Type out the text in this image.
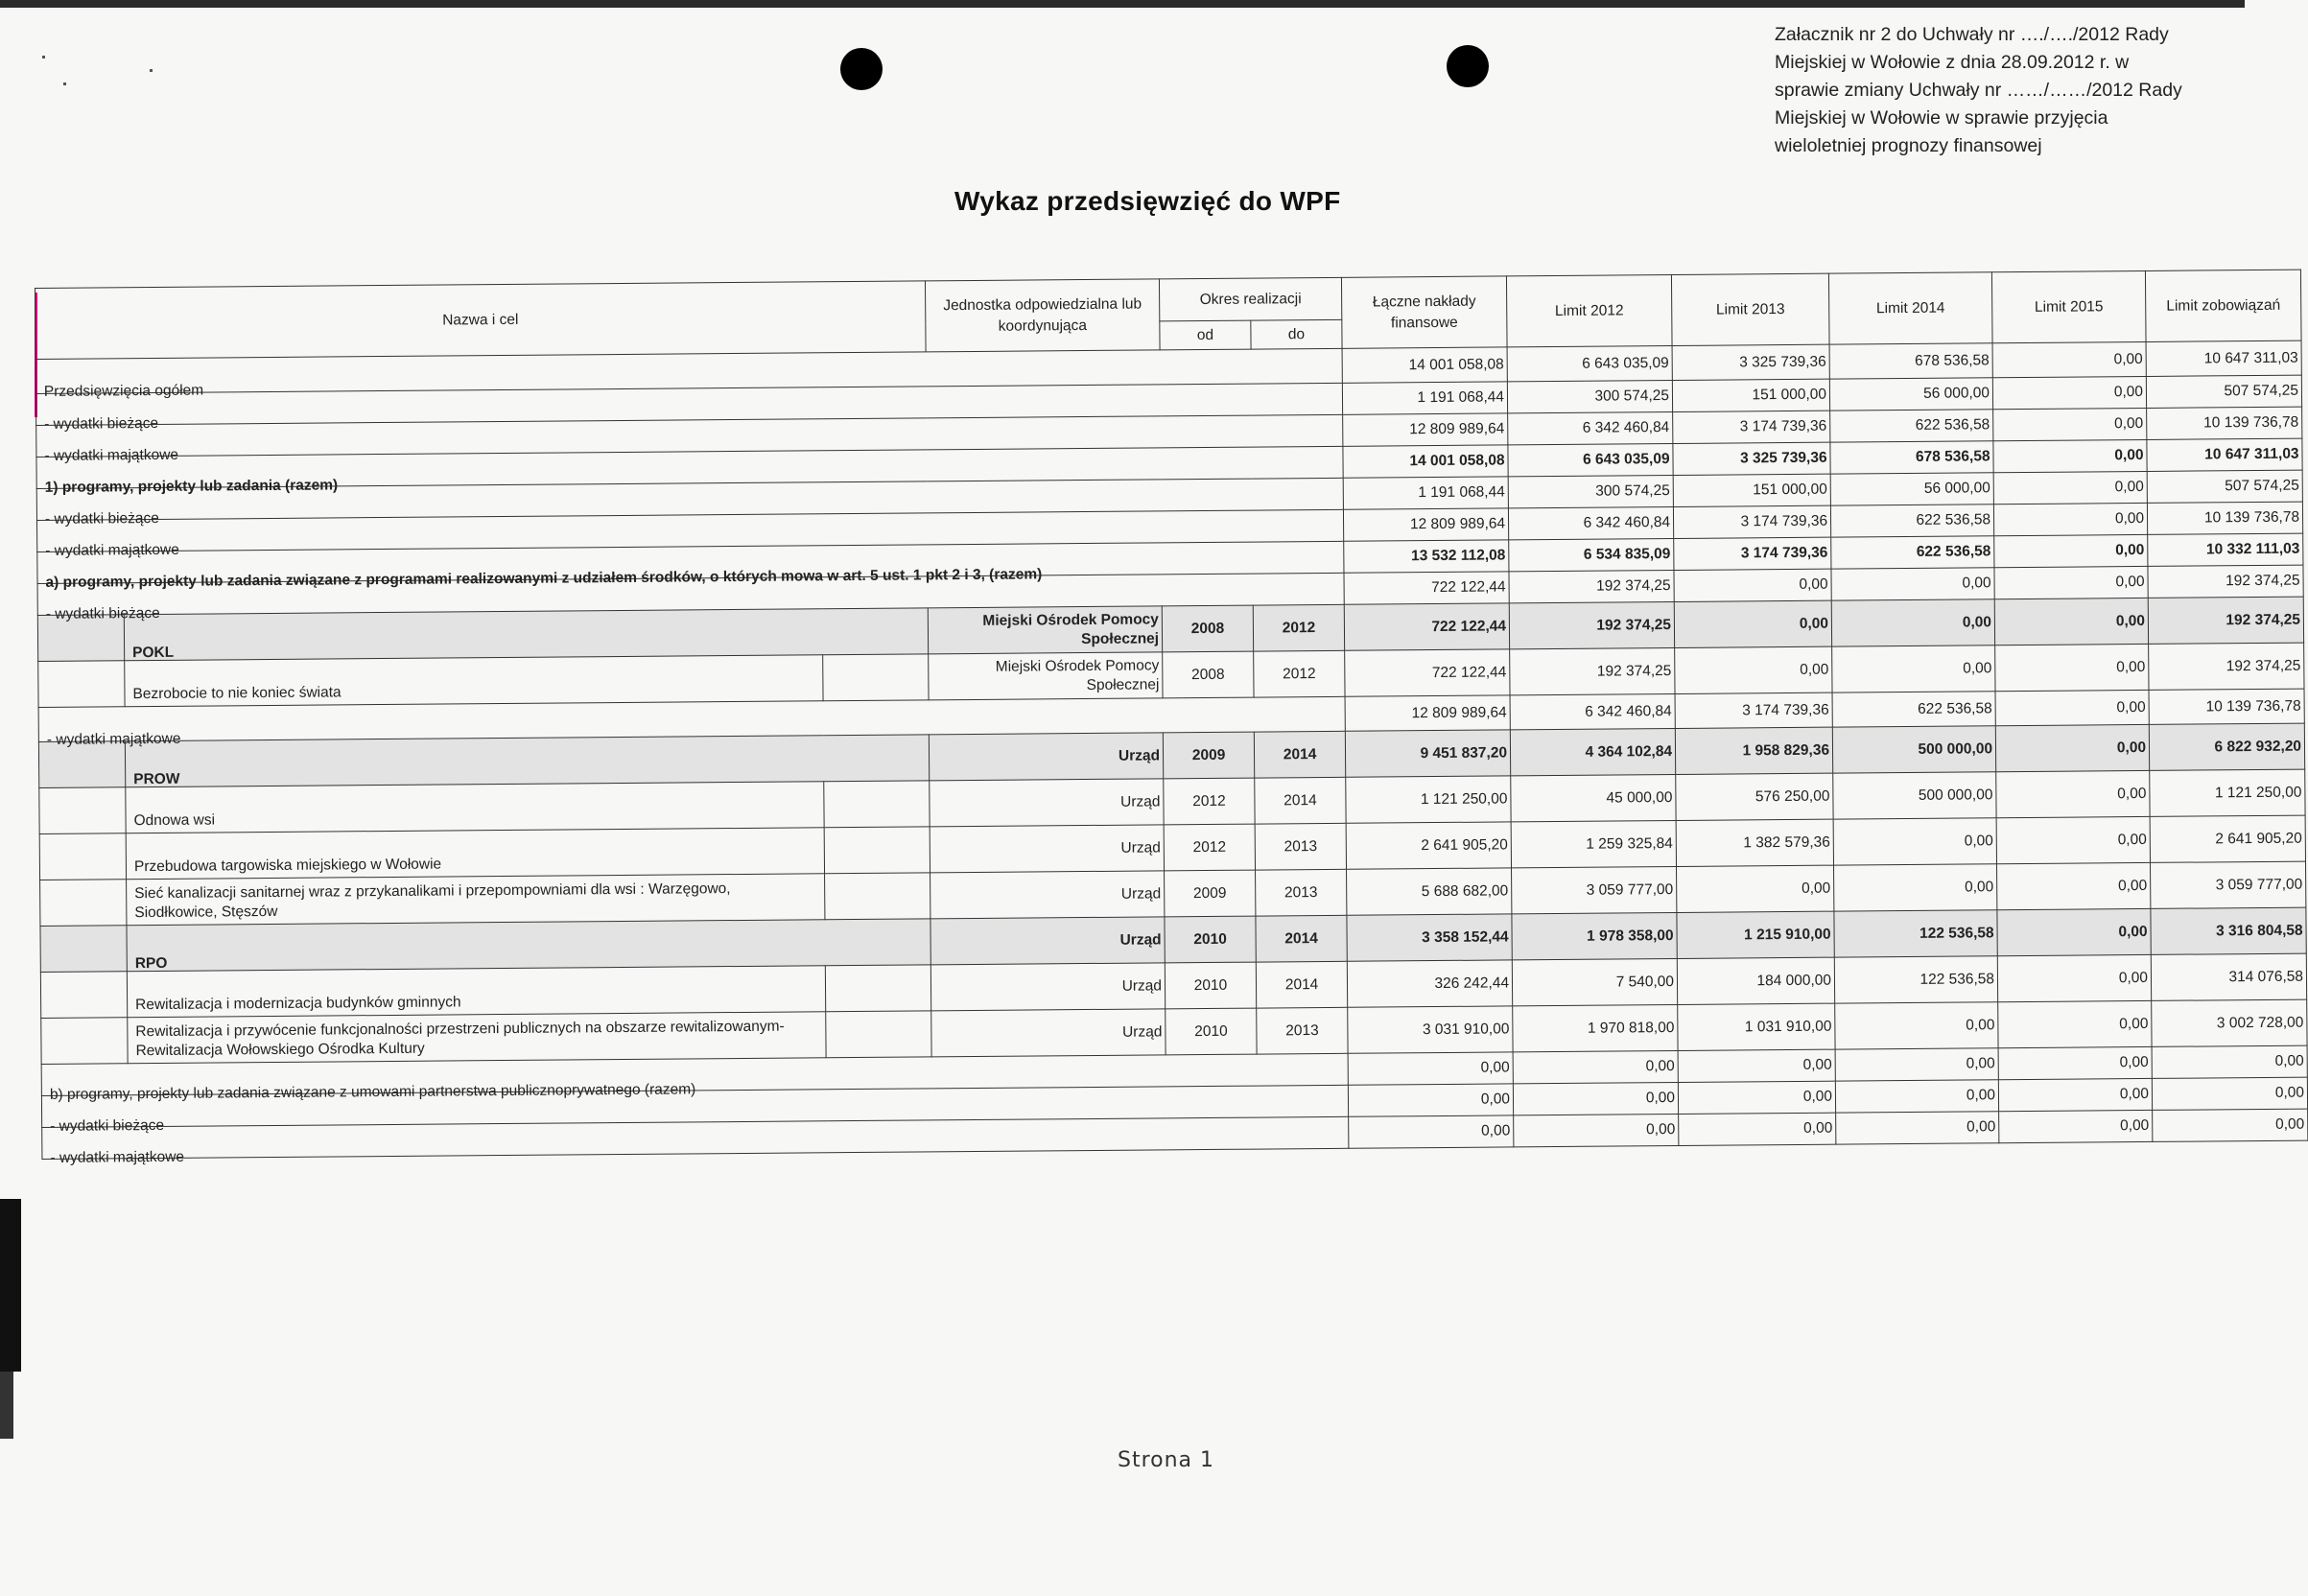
Załacznik nr 2 do Uchwały nr …./…./2012 Rady Miejskiej w Wołowie z dnia 28.09.2012 r. w sprawie zmiany Uchwały nr ……/……/2012 Rady Miejskiej w Wołowie w sprawie przyjęcia wieloletniej prognozy finansowej
Wykaz przedsięwzięć do WPF
Nazwa i cel			Jednostka odpowiedzialna lub koordynująca	Okres realizacji		Łączne nakłady finansowe	Limit 2012	Limit 2013	Limit 2014	Limit 2015	Limit zobowiązań
				od	do						
Przedsięwzięcia ogółem						14 001 058,08	6 643 035,09	3 325 739,36	678 536,58	0,00	10 647 311,03
- wydatki bieżące						1 191 068,44	300 574,25	151 000,00	56 000,00	0,00	507 574,25
- wydatki majątkowe						12 809 989,64	6 342 460,84	3 174 739,36	622 536,58	0,00	10 139 736,78
1) programy, projekty lub zadania (razem)						14 001 058,08	6 643 035,09	3 325 739,36	678 536,58	0,00	10 647 311,03
- wydatki bieżące						1 191 068,44	300 574,25	151 000,00	56 000,00	0,00	507 574,25
- wydatki majątkowe						12 809 989,64	6 342 460,84	3 174 739,36	622 536,58	0,00	10 139 736,78
a) programy, projekty lub zadania związane z programami realizowanymi z udziałem środków, o których mowa w art. 5 ust. 1 pkt 2 i 3, (razem)						13 532 112,08	6 534 835,09	3 174 739,36	622 536,58	0,00	10 332 111,03
- wydatki bieżące						722 122,44	192 374,25	0,00	0,00	0,00	192 374,25
	POKL		Miejski Ośrodek Pomocy Społecznej	2008	2012	722 122,44	192 374,25	0,00	0,00	0,00	192 374,25

	Bezrobocie to nie koniec świata		Miejski Ośrodek Pomocy Społecznej	2008	2012	722 122,44	192 374,25	0,00	0,00	0,00	192 374,25
- wydatki majątkowe						12 809 989,64	6 342 460,84	3 174 739,36	622 536,58	0,00	10 139 736,78
	PROW		Urząd	2009	2014	9 451 837,20	4 364 102,84	1 958 829,36	500 000,00	0,00	6 822 932,20

	Odnowa wsi		Urząd	2012	2014	1 121 250,00	45 000,00	576 250,00	500 000,00	0,00	1 121 250,00

	Przebudowa targowiska miejskiego w Wołowie		Urząd	2012	2013	2 641 905,20	1 259 325,84	1 382 579,36	0,00	0,00	2 641 905,20

	Sieć kanalizacji sanitarnej wraz z przykanalikami i przepompowniami dla wsi : Warzęgowo,
Siodłkowice, Stęszów		Urząd	2009	2013	5 688 682,00	3 059 777,00	0,00	0,00	0,00	3 059 777,00
	RPO		Urząd	2010	2014	3 358 152,44	1 978 358,00	1 215 910,00	122 536,58	0,00	3 316 804,58

	Rewitalizacja i modernizacja budynków gminnych		Urząd	2010	2014	326 242,44	7 540,00	184 000,00	122 536,58	0,00	314 076,58

	Rewitalizacja i przywócenie funkcjonalności przestrzeni publicznych na obszarze rewitalizowanym-
Rewitalizacja Wołowskiego Ośrodka Kultury		Urząd	2010	2013	3 031 910,00	1 970 818,00	1 031 910,00	0,00	0,00	3 002 728,00
b) programy, projekty lub zadania związane z umowami partnerstwa publicznoprywatnego (razem)						0,00	0,00	0,00	0,00	0,00	0,00
- wydatki bieżące						0,00	0,00	0,00	0,00	0,00	0,00
- wydatki majątkowe						0,00	0,00	0,00	0,00	0,00	0,00
Strona 1
